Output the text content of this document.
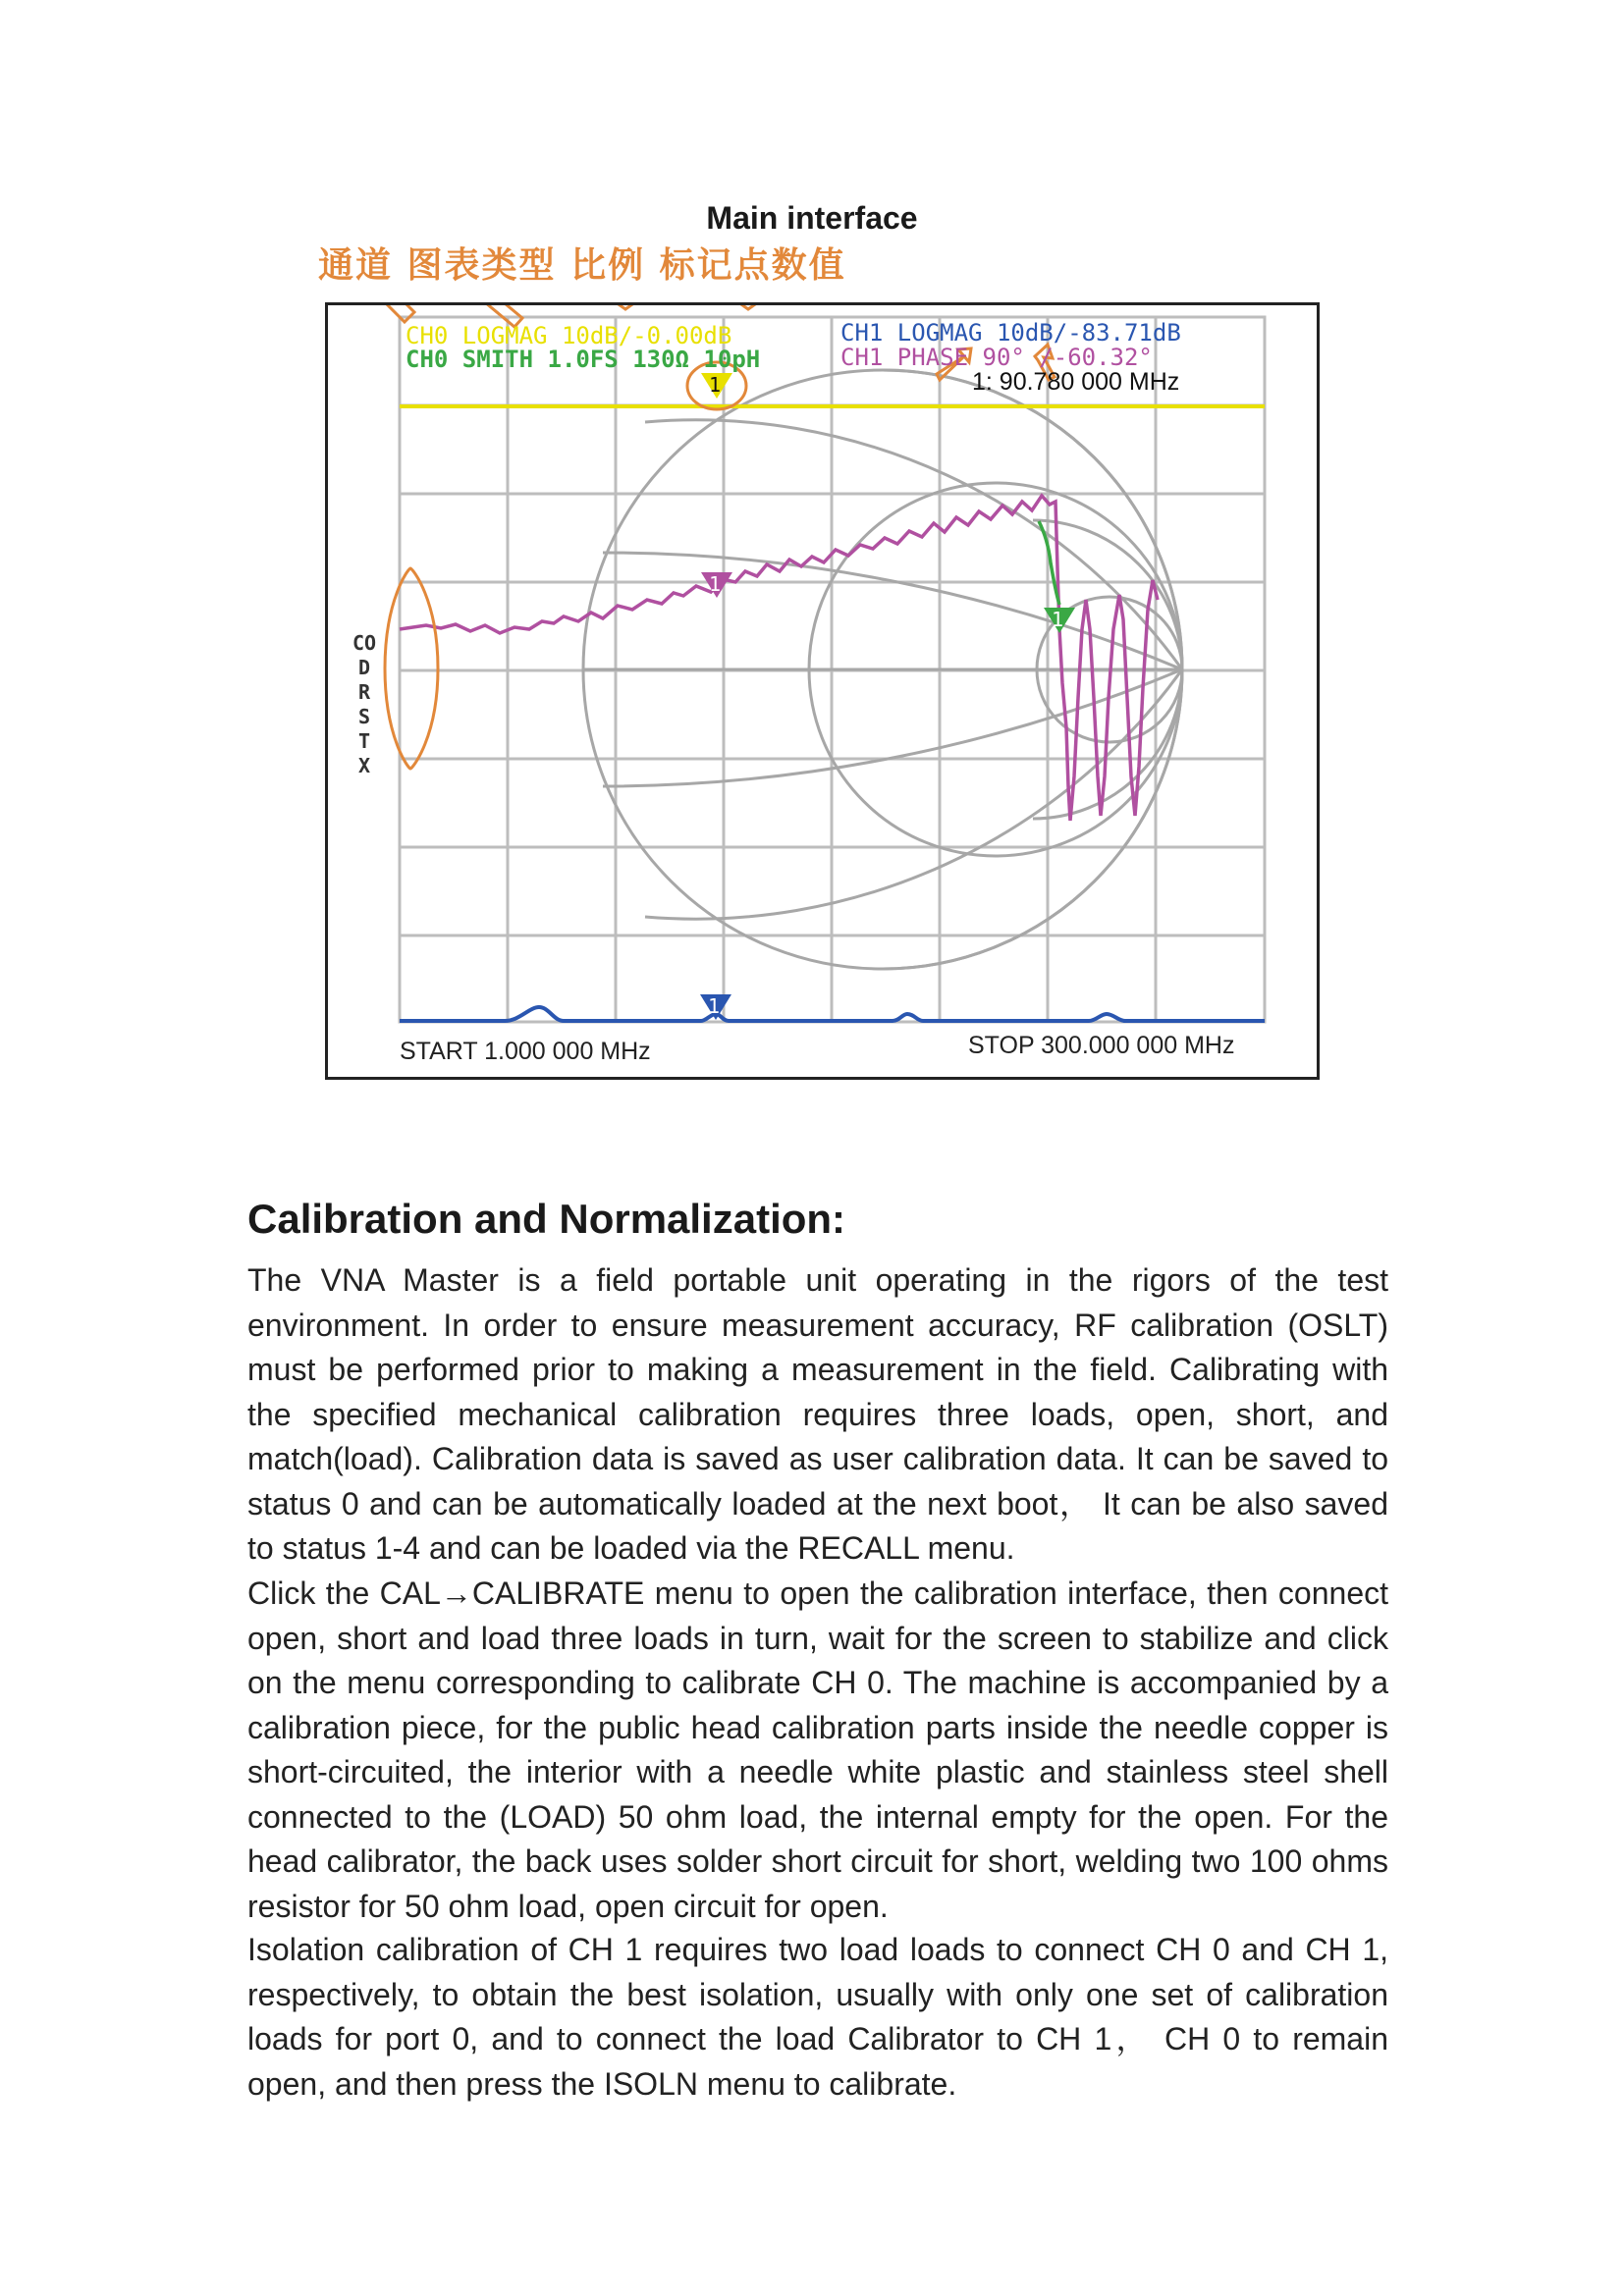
Main interface
通道 图表类型 比例 标记点数值
CH0 LOGMAG 10dB/-0.00dB
CH0 SMITH 1.0FS 130Ω 10pH
CH1 LOGMAG 10dB/-83.71dB
CH1 PHASE 90° /-60.32°
1: 90.780 000 MHz
1
1
1
1
CO
D
R
S
T
X
START 1.000 000 MHz	STOP 300.000 000 MHz
Calibration and Normalization:

The VNA Master is a field portable unit operating in the rigors of the test environment. In order to ensure measurement accuracy, RF calibration (OSLT) must be performed prior to making a measurement in the field. Calibrating with the specified mechanical calibration requires three loads, open, short, and match(load). Calibration data is saved as user calibration data. It can be saved to status 0 and can be automatically loaded at the next boot， It can be also saved to status 1-4 and can be loaded via the RECALL menu.

Click the CAL→CALIBRATE menu to open the calibration interface, then connect open, short and load three loads in turn, wait for the screen to stabilize and click on the menu corresponding to calibrate CH 0. The machine is accompanied by a calibration piece, for the public head calibration parts inside the needle copper is short-circuited, the interior with a needle white plastic and stainless steel shell connected to the (LOAD) 50 ohm load, the internal empty for the open. For the head calibrator, the back uses solder short circuit for short, welding two 100 ohms resistor for 50 ohm load, open circuit for open.

Isolation calibration of CH 1 requires two load loads to connect CH 0 and CH 1, respectively, to obtain the best isolation, usually with only one set of calibration loads for port 0, and to connect the load Calibrator to CH 1， CH 0 to remain open, and then press the ISOLN menu to calibrate.
